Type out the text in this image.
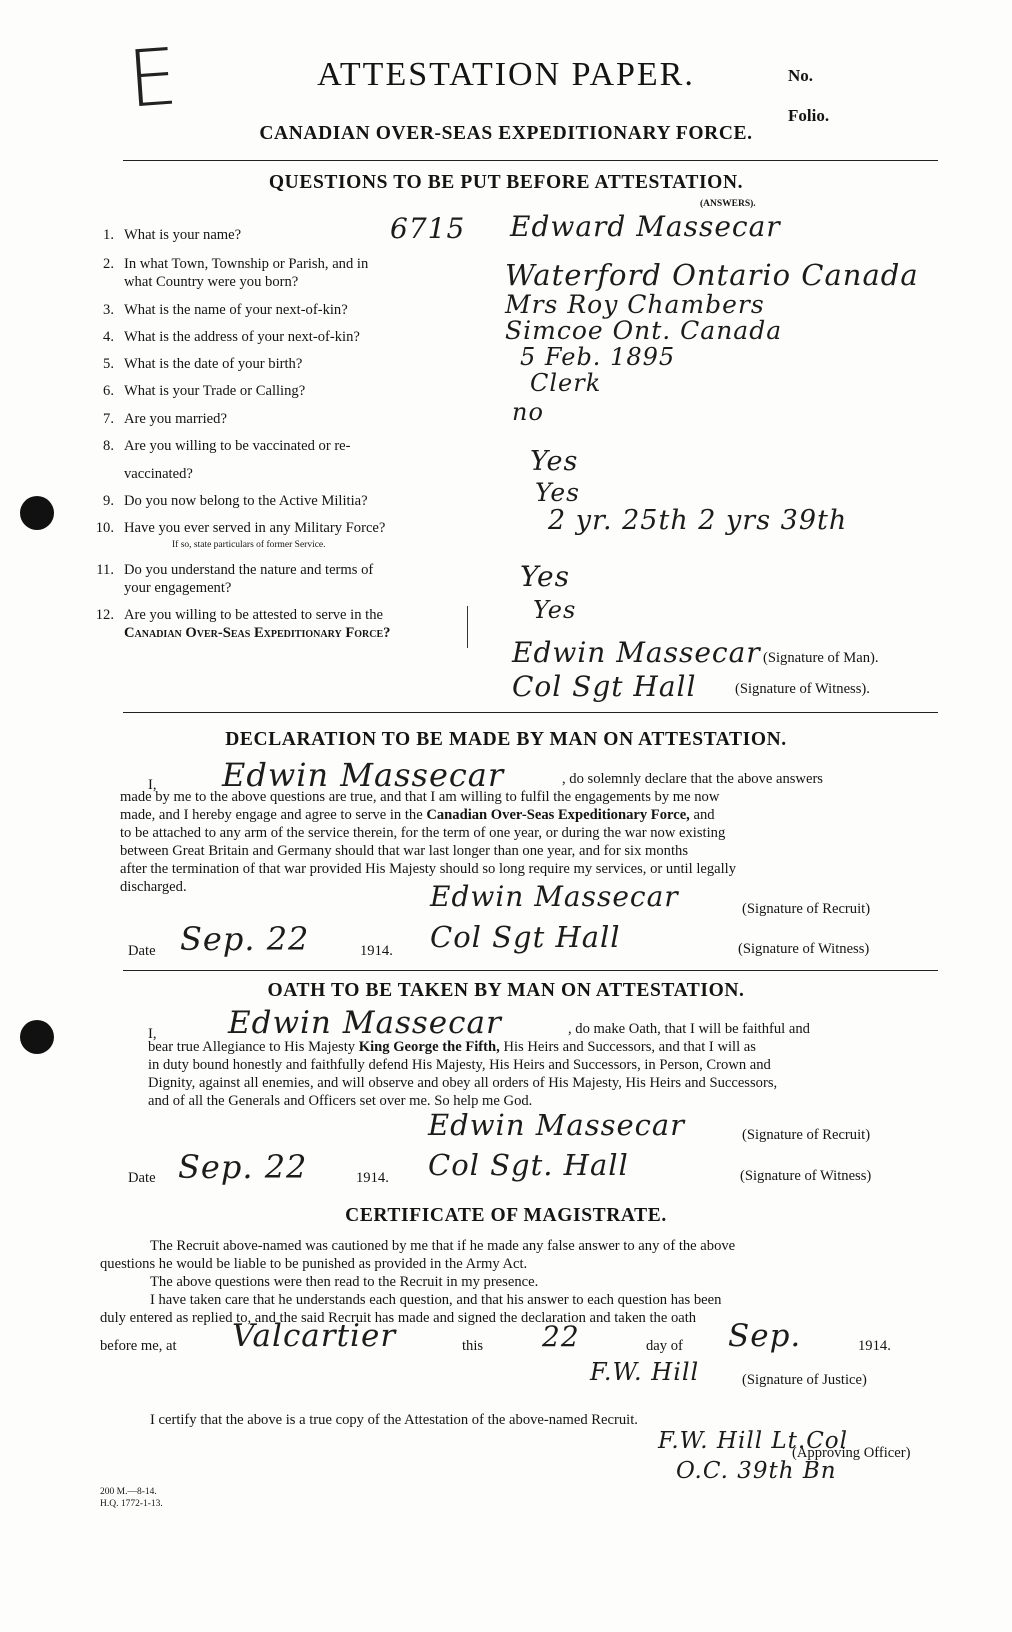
E	ATTESTATION PAPER.	No.
Folio.
CANADIAN OVER-SEAS EXPEDITIONARY FORCE.
QUESTIONS TO BE PUT BEFORE ATTESTATION.
(ANSWERS).
1. What is your name?	6715 Edward Massecar
2. In what Town, Township or Parish, and in
what Country were you born?	Waterford Ontario Canada
3. What is the name of your next-of-kin?	Mrs Roy Chambers
4. What is the address of your next-of-kin?	Simcoe Ont. Canada
5. What is the date of your birth?	5 Feb. 1895
6. What is your Trade or Calling?	Clerk
7. Are you married?	no
8. Are you willing to be vaccinated or re-
vaccinated?	Yes
9. Do you now belong to the Active Militia?	Yes
10. Have you ever served in any Military Force?
If so, state particulars of former Service.
2 yr. 25th 2 yrs 39th
11. Do you understand the nature and terms of
your engagement?	Yes
12. Are you willing to be attested to serve in the
Canadian Over-Seas Expeditionary Force?
Yes
Edwin Massecar (Signature of Man).
Col Sgt Hall	(Signature of Witness).
DECLARATION TO BE MADE BY MAN ON ATTESTATION.
I, Edwin Massecar	, do solemnly declare that the above answers
made by me to the above questions are true, and that I am willing to fulfil the engagements by me now
made, and I hereby engage and agree to serve in the Canadian Over-Seas Expeditionary Force, and
to be attached to any arm of the service therein, for the term of one year, or during the war now existing
between Great Britain and Germany should that war last longer than one year, and for six months
after the termination of that war provided His Majesty should so long require my services, or until legally
discharged.	Edwin Massecar	(Signature of Recruit)
Date Sep. 22	1914. Col Sgt Hall	(Signature of Witness)
OATH TO BE TAKEN BY MAN ON ATTESTATION.
I, Edwin Massecar	, do make Oath, that I will be faithful and
bear true Allegiance to His Majesty King George the Fifth, His Heirs and Successors, and that I will as
in duty bound honestly and faithfully defend His Majesty, His Heirs and Successors, in Person, Crown and
Dignity, against all enemies, and will observe and obey all orders of His Majesty, His Heirs and Successors,
and of all the Generals and Officers set over me. So help me God.
Edwin Massecar	(Signature of Recruit)
Date Sep. 22	1914. Col Sgt. Hall	(Signature of Witness)
CERTIFICATE OF MAGISTRATE.
The Recruit above-named was cautioned by me that if he made any false answer to any of the above
questions he would be liable to be punished as provided in the Army Act.
The above questions were then read to the Recruit in my presence.
I have taken care that he understands each question, and that his answer to each question has been
duly entered as replied to, and the said Recruit has made and signed the declaration and taken the oath
before me, at Valcartier	this 22	day of Sep.	1914.
F.W. Hill	(Signature of Justice)
I certify that the above is a true copy of the Attestation of the above-named Recruit.
F.W. Hill Lt.Col
(Approving Officer)
O.C. 39th Bn
200 M.—8-14.
H.Q. 1772-1-13.
